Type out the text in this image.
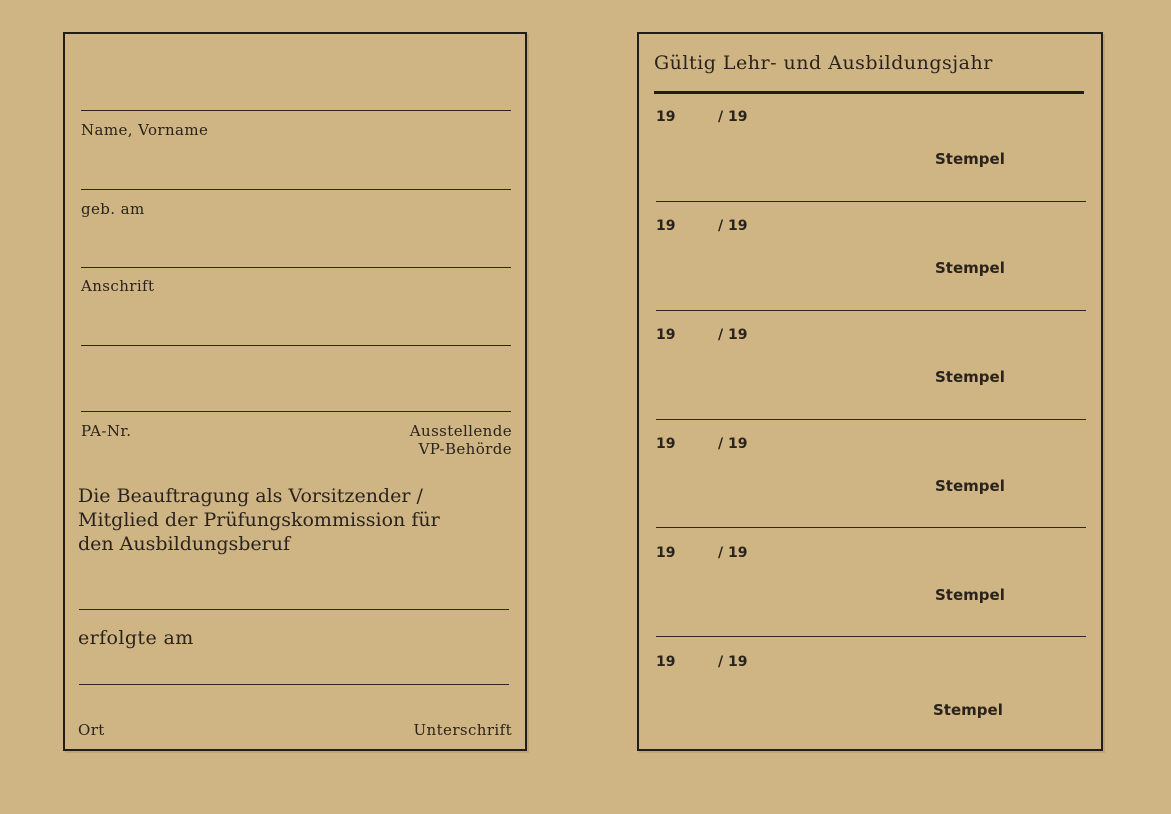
Name, Vorname
geb. am
Anschrift
PA-Nr.	Ausstellende
VP-Behörde
Die Beauftragung als Vorsitzender /
Mitglied der Prüfungskommission für
den Ausbildungsberuf
erfolgte am
Ort	Unterschrift
Gültig Lehr- und Ausbildungsjahr
19	/ 19
Stempel
19	/ 19
Stempel
19	/ 19
Stempel
19	/ 19
Stempel
19	/ 19
Stempel
19	/ 19
Stempel
